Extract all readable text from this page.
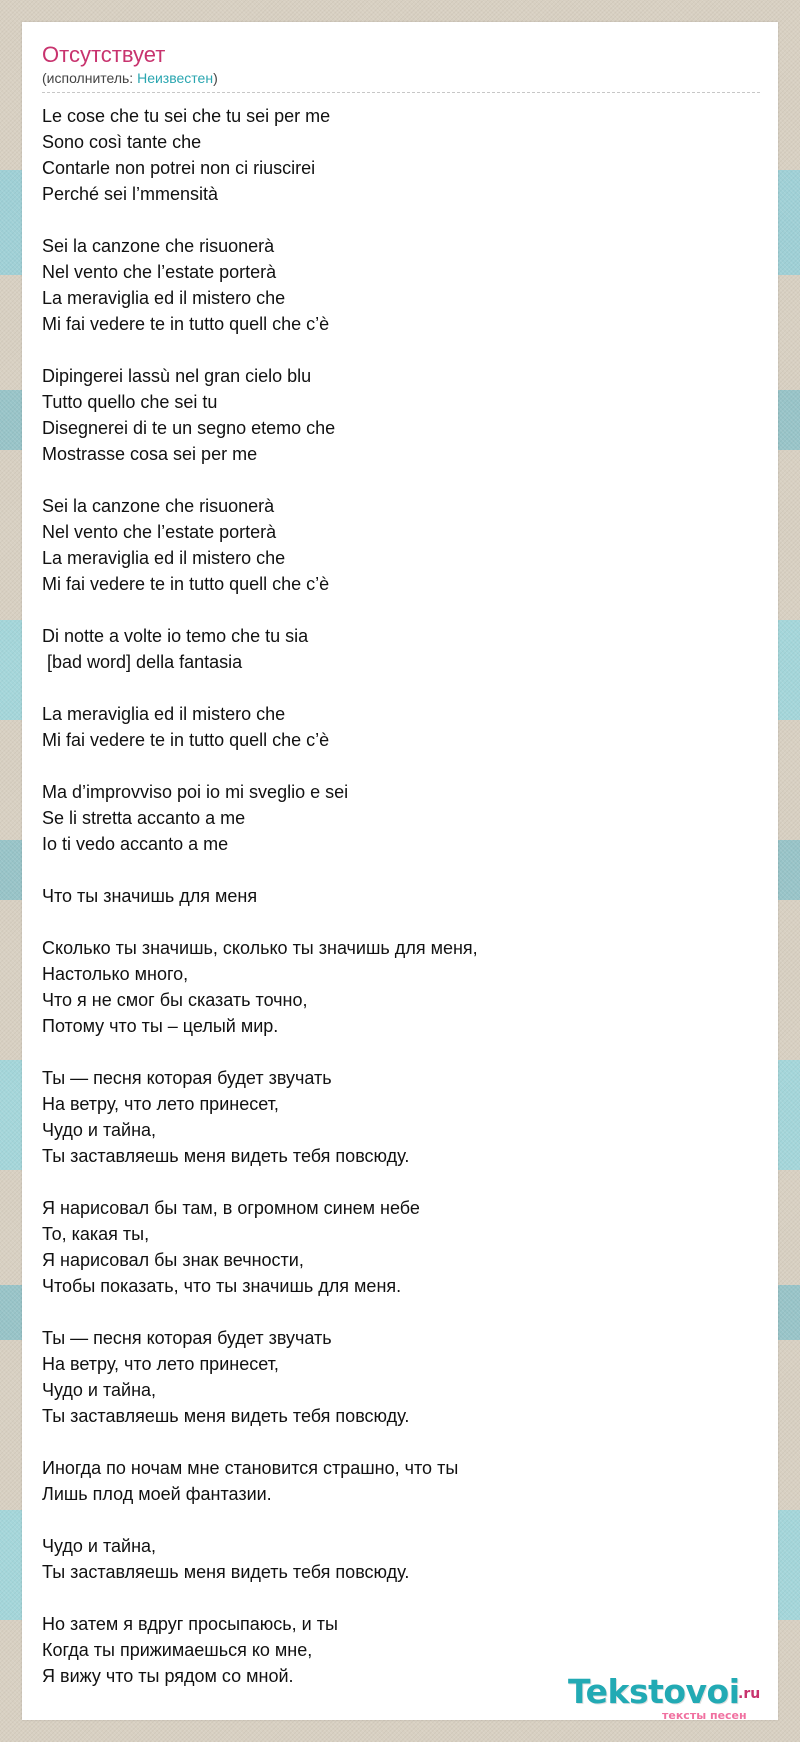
Отсутствует
(исполнитель: Неизвестен)
Le cose che tu sei che tu sei per me
Sono così tante che
Contarle non potrei non ci riuscirei
Perché sei l’mmensità
Sei la canzone che risuonerà
Nel vento che l’estate porterà
La meraviglia ed il mistero che
Mi fai vedere te in tutto quell che c’è
Dipingerei lassù nel gran cielo blu
Tutto quello che sei tu
Disegnerei di te un segno etemo che
Mostrasse cosa sei per me
Sei la canzone che risuonerà
Nel vento che l’estate porterà
La meraviglia ed il mistero che
Mi fai vedere te in tutto quell che c’è
Di notte a volte io temo che tu sia
[bad word] della fantasia
La meraviglia ed il mistero che
Mi fai vedere te in tutto quell che c’è
Ma d’improvviso poi io mi sveglio e sei
Se li stretta accanto a me
Io ti vedo accanto a me
Что ты значишь для меня
Сколько ты значишь, сколько ты значишь для меня,
Настолько много,
Что я не смог бы сказать точно,
Потому что ты – целый мир.
Ты — песня которая будет звучать
На ветру, что лето принесет,
Чудо и тайна,
Ты заставляешь меня видеть тебя повсюду.
Я нарисовал бы там, в огромном синем небе
То, какая ты,
Я нарисовал бы знак вечности,
Чтобы показать, что ты значишь для меня.
Ты — песня которая будет звучать
На ветру, что лето принесет,
Чудо и тайна,
Ты заставляешь меня видеть тебя повсюду.
Иногда по ночам мне становится страшно, что ты
Лишь плод моей фантазии.
Чудо и тайна,
Ты заставляешь меня видеть тебя повсюду.
Но затем я вдруг просыпаюсь, и ты
Когда ты прижимаешься ко мне,
Я вижу что ты рядом со мной.	Tekstovoi
.ru
тексты песен
